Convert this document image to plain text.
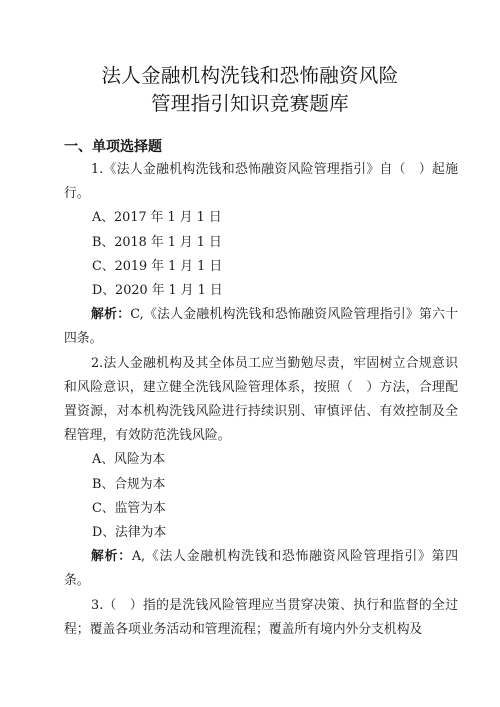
法人金融机构洗钱和恐怖融资风险
管理指引知识竞赛题库
一、单项选择题

1.《法人金融机构洗钱和恐怖融资风险管理指引》自（　）起施行。

A、2017 年 1 月 1 日

B、2018 年 1 月 1 日

C、2019 年 1 月 1 日

D、2020 年 1 月 1 日

解析：C,《法人金融机构洗钱和恐怖融资风险管理指引》第六十四条。

2.法人金融机构及其全体员工应当勤勉尽责，牢固树立合规意识和风险意识，建立健全洗钱风险管理体系，按照（　）方法，合理配置资源，对本机构洗钱风险进行持续识别、审慎评估、有效控制及全程管理，有效防范洗钱风险。

A、风险为本

B、合规为本

C、监管为本

D、法律为本

解析：A,《法人金融机构洗钱和恐怖融资风险管理指引》第四条。

3.（　）指的是洗钱风险管理应当贯穿决策、执行和监督的全过程；覆盖各项业务活动和管理流程；覆盖所有境内外分支机构及
